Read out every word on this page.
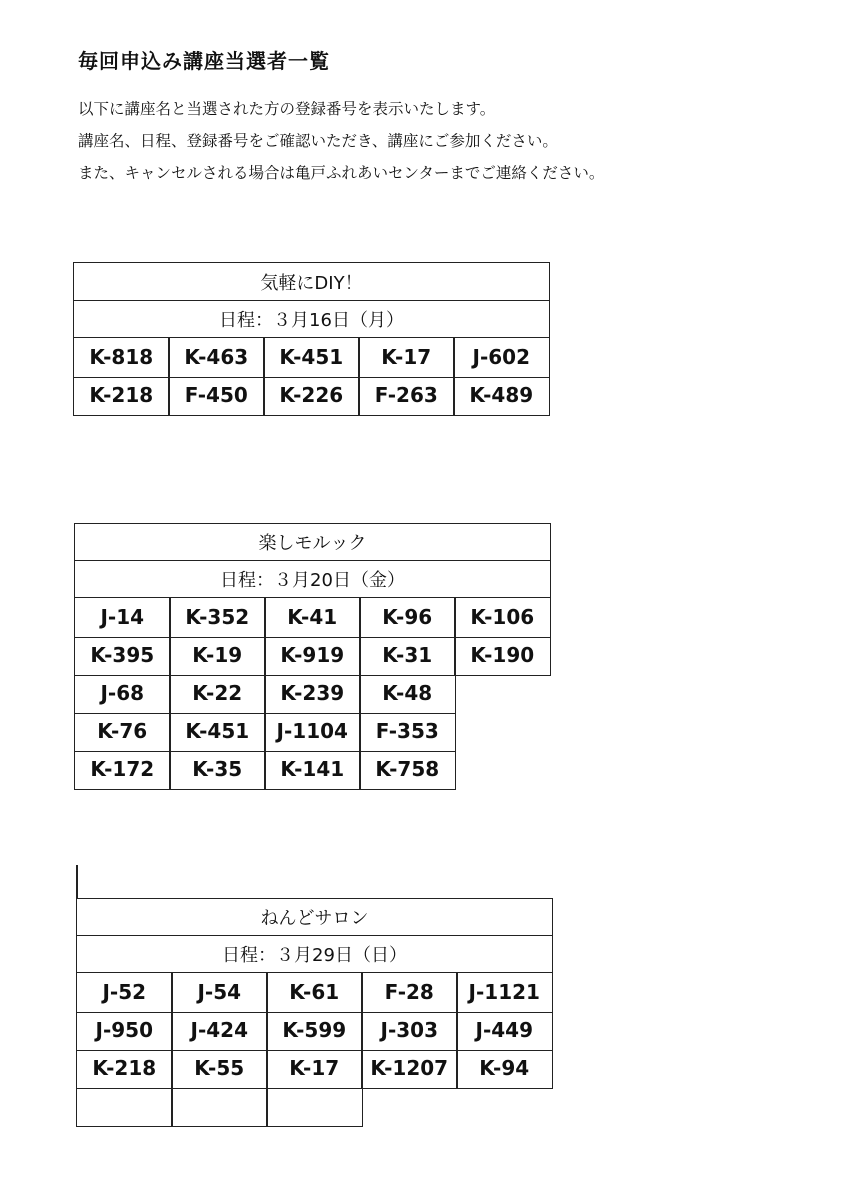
毎回申込み講座当選者一覧

以下に講座名と当選された方の登録番号を表示いたします。

講座名、日程、登録番号をご確認いただき、講座にご参加ください。

また、キャンセルされる場合は亀戸ふれあいセンターまでご連絡ください。

気軽にDIY！
日程：３月16日（月）
K-818	K-463	K-451	K-17	J-602
K-218	F-450	K-226	F-263	K-489
楽しモルック
日程：３月20日（金）
J-14	K-352	K-41	K-96	K-106
K-395	K-19	K-919	K-31	K-190
J-68	K-22	K-239	K-48
K-76	K-451	J-1104	F-353
K-172	K-35	K-141	K-758
ねんどサロン
日程：３月29日（日）
J-52	J-54	K-61	F-28	J-1121
J-950	J-424	K-599	J-303	J-449
K-218	K-55	K-17	K-1207	K-94
